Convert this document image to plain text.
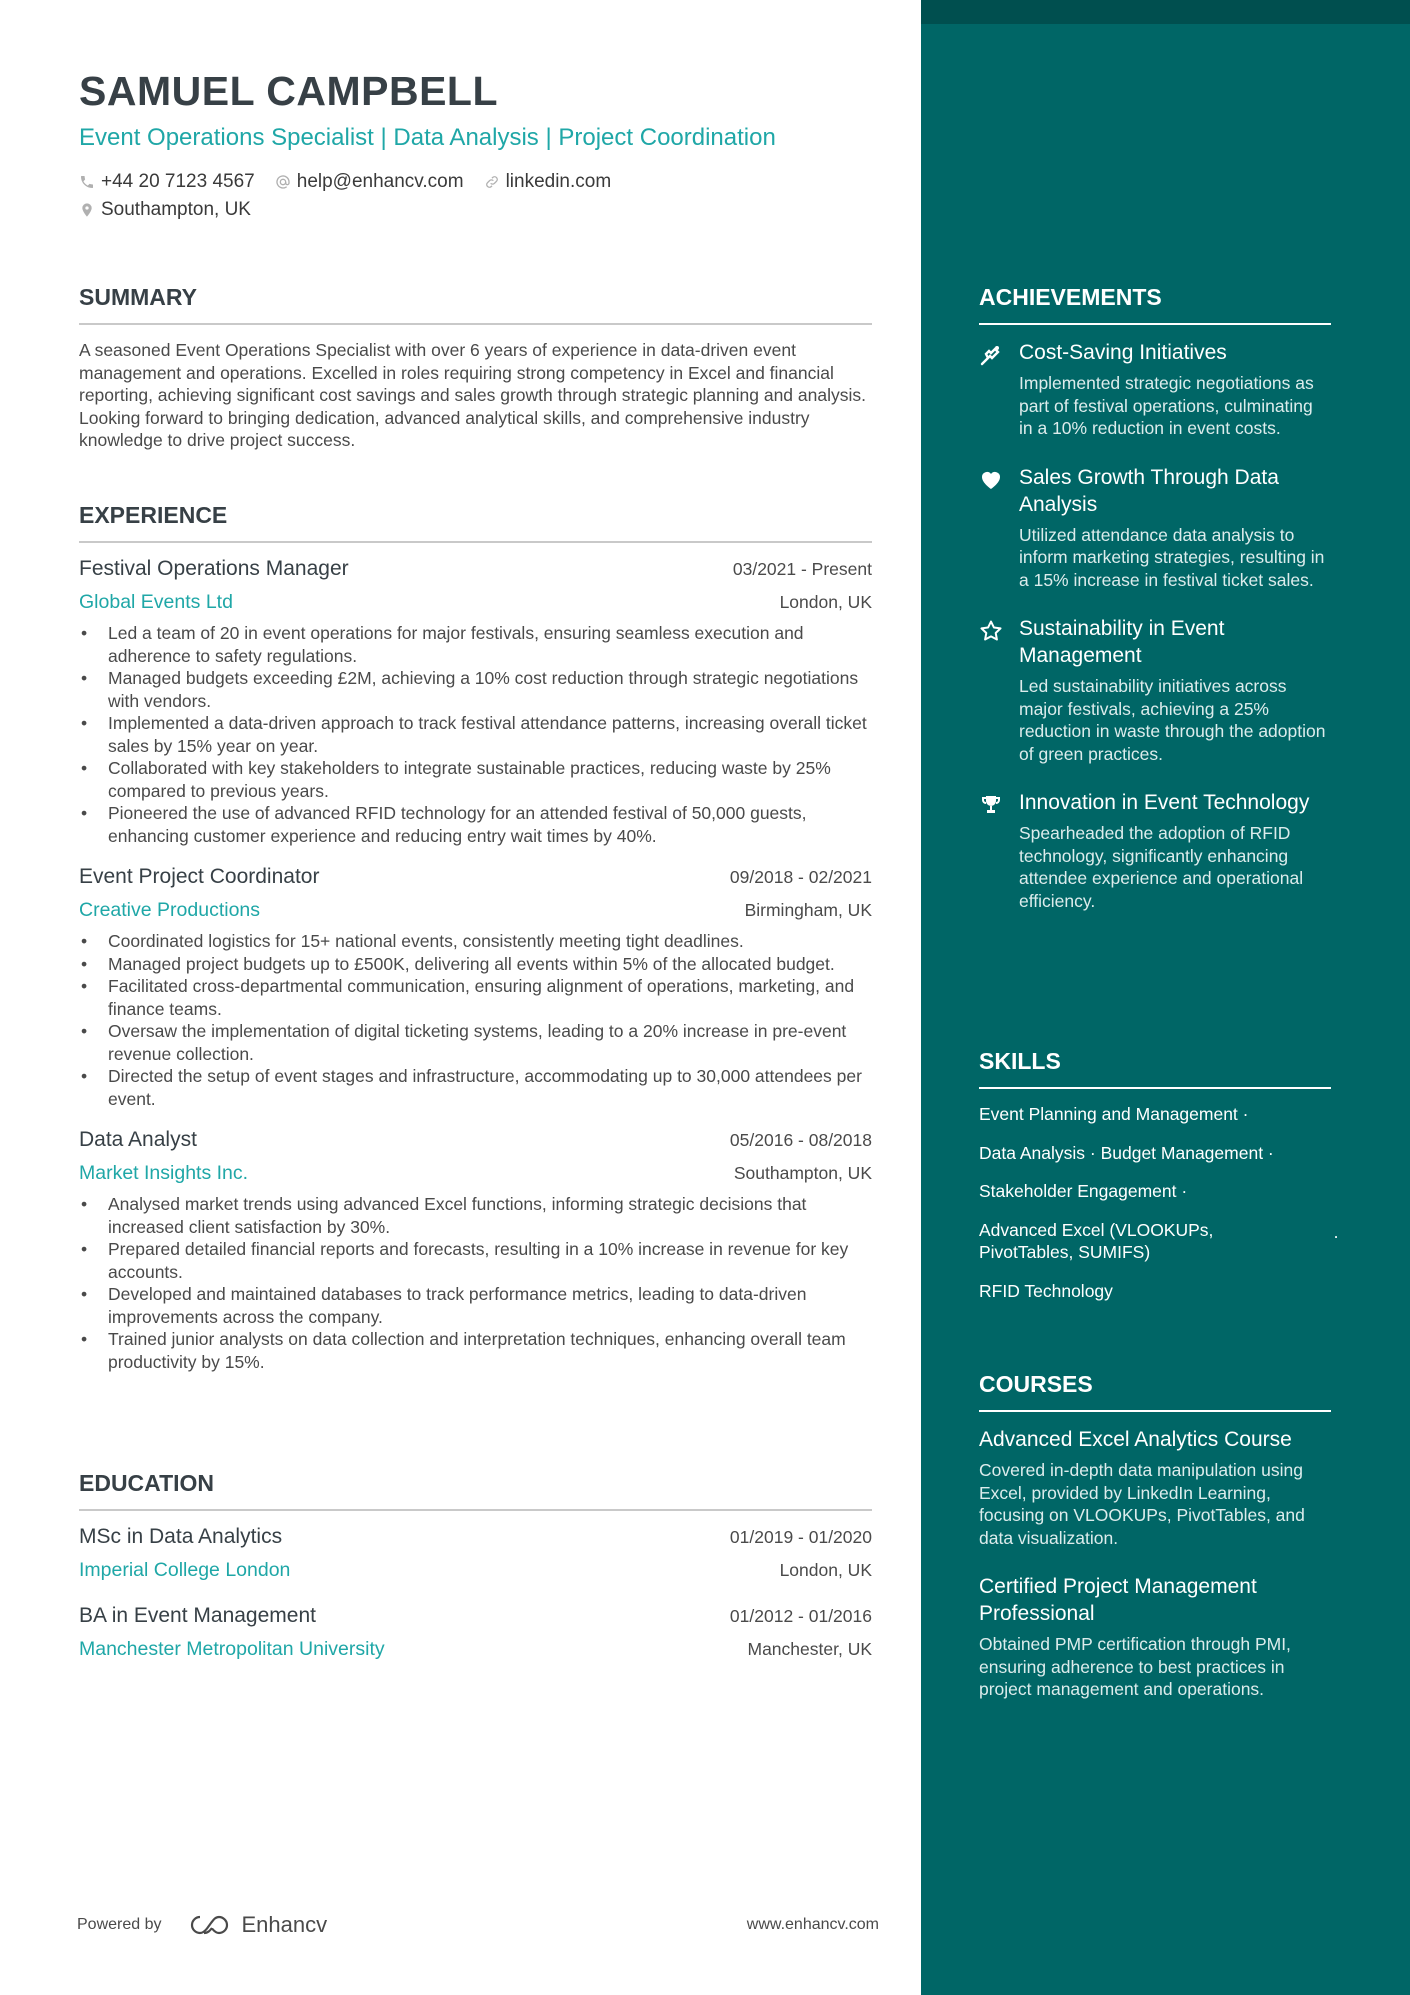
SAMUEL CAMPBELL
Event Operations Specialist | Data Analysis | Project Coordination
+44 20 7123 4567 help@enhancv.com linkedin.com
Southampton, UK
SUMMARY

A seasoned Event Operations Specialist with over 6 years of experience in data-driven event management and operations. Excelled in roles requiring strong competency in Excel and financial reporting, achieving significant cost savings and sales growth through strategic planning and analysis. Looking forward to bringing dedication, advanced analytical skills, and comprehensive industry knowledge to drive project success.

EXPERIENCE
Festival Operations Manager	03/2021 - Present
Global Events Ltd	London, UK
• Led a team of 20 in event operations for major festivals, ensuring seamless execution and adherence to safety regulations.
• Managed budgets exceeding £2M, achieving a 10% cost reduction through strategic negotiations with vendors.
• Implemented a data-driven approach to track festival attendance patterns, increasing overall ticket sales by 15% year on year.
• Collaborated with key stakeholders to integrate sustainable practices, reducing waste by 25% compared to previous years.
• Pioneered the use of advanced RFID technology for an attended festival of 50,000 guests, enhancing customer experience and reducing entry wait times by 40%.
Event Project Coordinator	09/2018 - 02/2021
Creative Productions	Birmingham, UK
• Coordinated logistics for 15+ national events, consistently meeting tight deadlines.
• Managed project budgets up to £500K, delivering all events within 5% of the allocated budget.
• Facilitated cross-departmental communication, ensuring alignment of operations, marketing, and finance teams.
• Oversaw the implementation of digital ticketing systems, leading to a 20% increase in pre-event revenue collection.
• Directed the setup of event stages and infrastructure, accommodating up to 30,000 attendees per event.
Data Analyst	05/2016 - 08/2018
Market Insights Inc.	Southampton, UK
• Analysed market trends using advanced Excel functions, informing strategic decisions that increased client satisfaction by 30%.
• Prepared detailed financial reports and forecasts, resulting in a 10% increase in revenue for key accounts.
• Developed and maintained databases to track performance metrics, leading to data-driven improvements across the company.
• Trained junior analysts on data collection and interpretation techniques, enhancing overall team productivity by 15%.
EDUCATION
MSc in Data Analytics	01/2019 - 01/2020
Imperial College London	London, UK
BA in Event Management	01/2012 - 01/2016
Manchester Metropolitan University	Manchester, UK
Powered by	Enhancv	www.enhancv.com
ACHIEVEMENTS
Cost-Saving Initiatives
Implemented strategic negotiations as part of festival operations, culminating in a 10% reduction in event costs.
Sales Growth Through Data Analysis
Utilized attendance data analysis to inform marketing strategies, resulting in a 15% increase in festival ticket sales.
Sustainability in Event Management
Led sustainability initiatives across major festivals, achieving a 25% reduction in waste through the adoption of green practices.
Innovation in Event Technology
Spearheaded the adoption of RFID technology, significantly enhancing attendee experience and operational efficiency.
SKILLS
Event Planning and Management ·
Data Analysis · Budget Management ·
Stakeholder Engagement ·
Advanced Excel (VLOOKUPs, PivotTables, SUMIFS)
·
RFID Technology
COURSES
Advanced Excel Analytics Course
Covered in-depth data manipulation using Excel, provided by LinkedIn Learning, focusing on VLOOKUPs, PivotTables, and data visualization.
Certified Project Management Professional
Obtained PMP certification through PMI, ensuring adherence to best practices in project management and operations.
